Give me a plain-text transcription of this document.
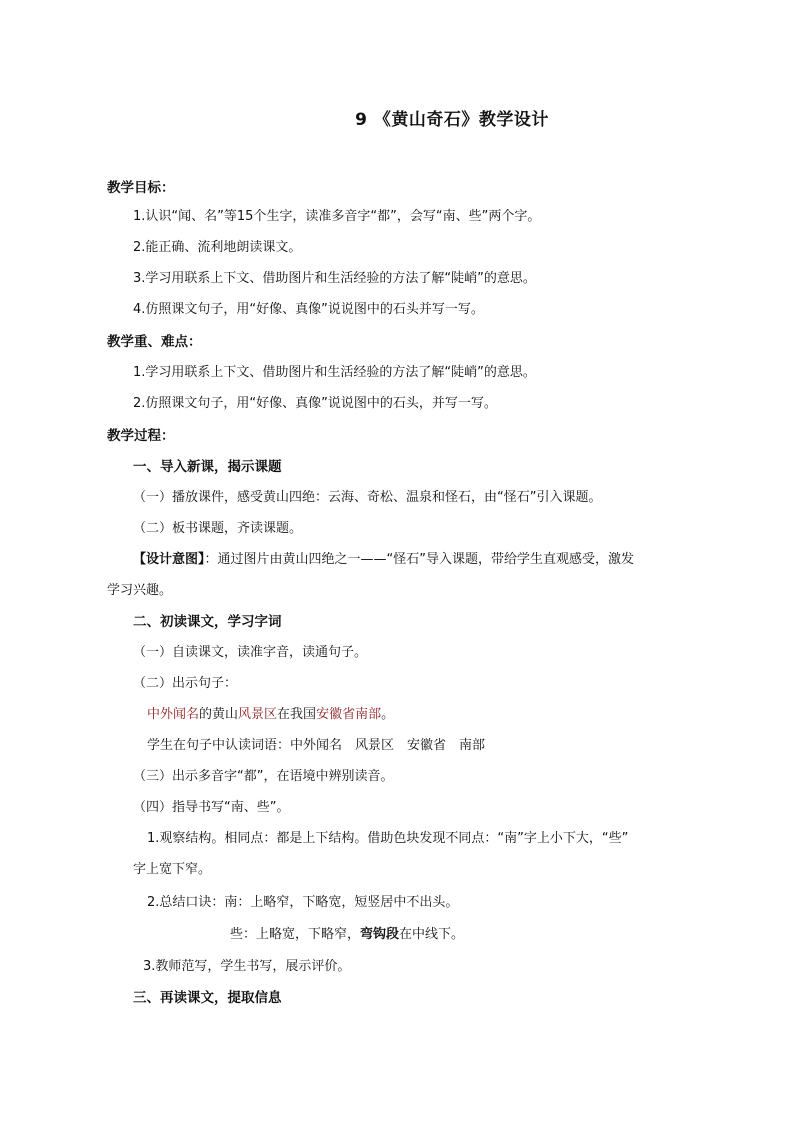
9 《黄山奇石》教学设计
教学目标：
1.认识“闻、名”等15个生字，读准多音字“都”，会写“南、些”两个字。
2.能正确、流利地朗读课文。
3.学习用联系上下文、借助图片和生活经验的方法了解“陡峭”的意思。
4.仿照课文句子，用“好像、真像”说说图中的石头并写一写。
教学重、难点：
1.学习用联系上下文、借助图片和生活经验的方法了解“陡峭”的意思。
2.仿照课文句子，用“好像、真像”说说图中的石头，并写一写。
教学过程：
一、导入新课，揭示课题
（一）播放课件，感受黄山四绝：云海、奇松、温泉和怪石，由“怪石”引入课题。
（二）板书课题，齐读课题。
【设计意图】：通过图片由黄山四绝之一——“怪石”导入课题，带给学生直观感受，激发
学习兴趣。
二、初读课文，学习字词
（一）自读课文，读准字音，读通句子。
（二）出示句子：
中外闻名的黄山风景区在我国安徽省南部。
学生在句子中认读词语：中外闻名　风景区　安徽省　南部
（三）出示多音字“都”，在语境中辨别读音。
（四）指导书写“南、些”。
1.观察结构。相同点：都是上下结构。借助色块发现不同点：“南”字上小下大，“些”
字上宽下窄。
2.总结口诀：南：上略窄，下略宽，短竖居中不出头。
些：上略宽，下略窄，弯钩段在中线下。
3.教师范写，学生书写，展示评价。
三、再读课文，提取信息
